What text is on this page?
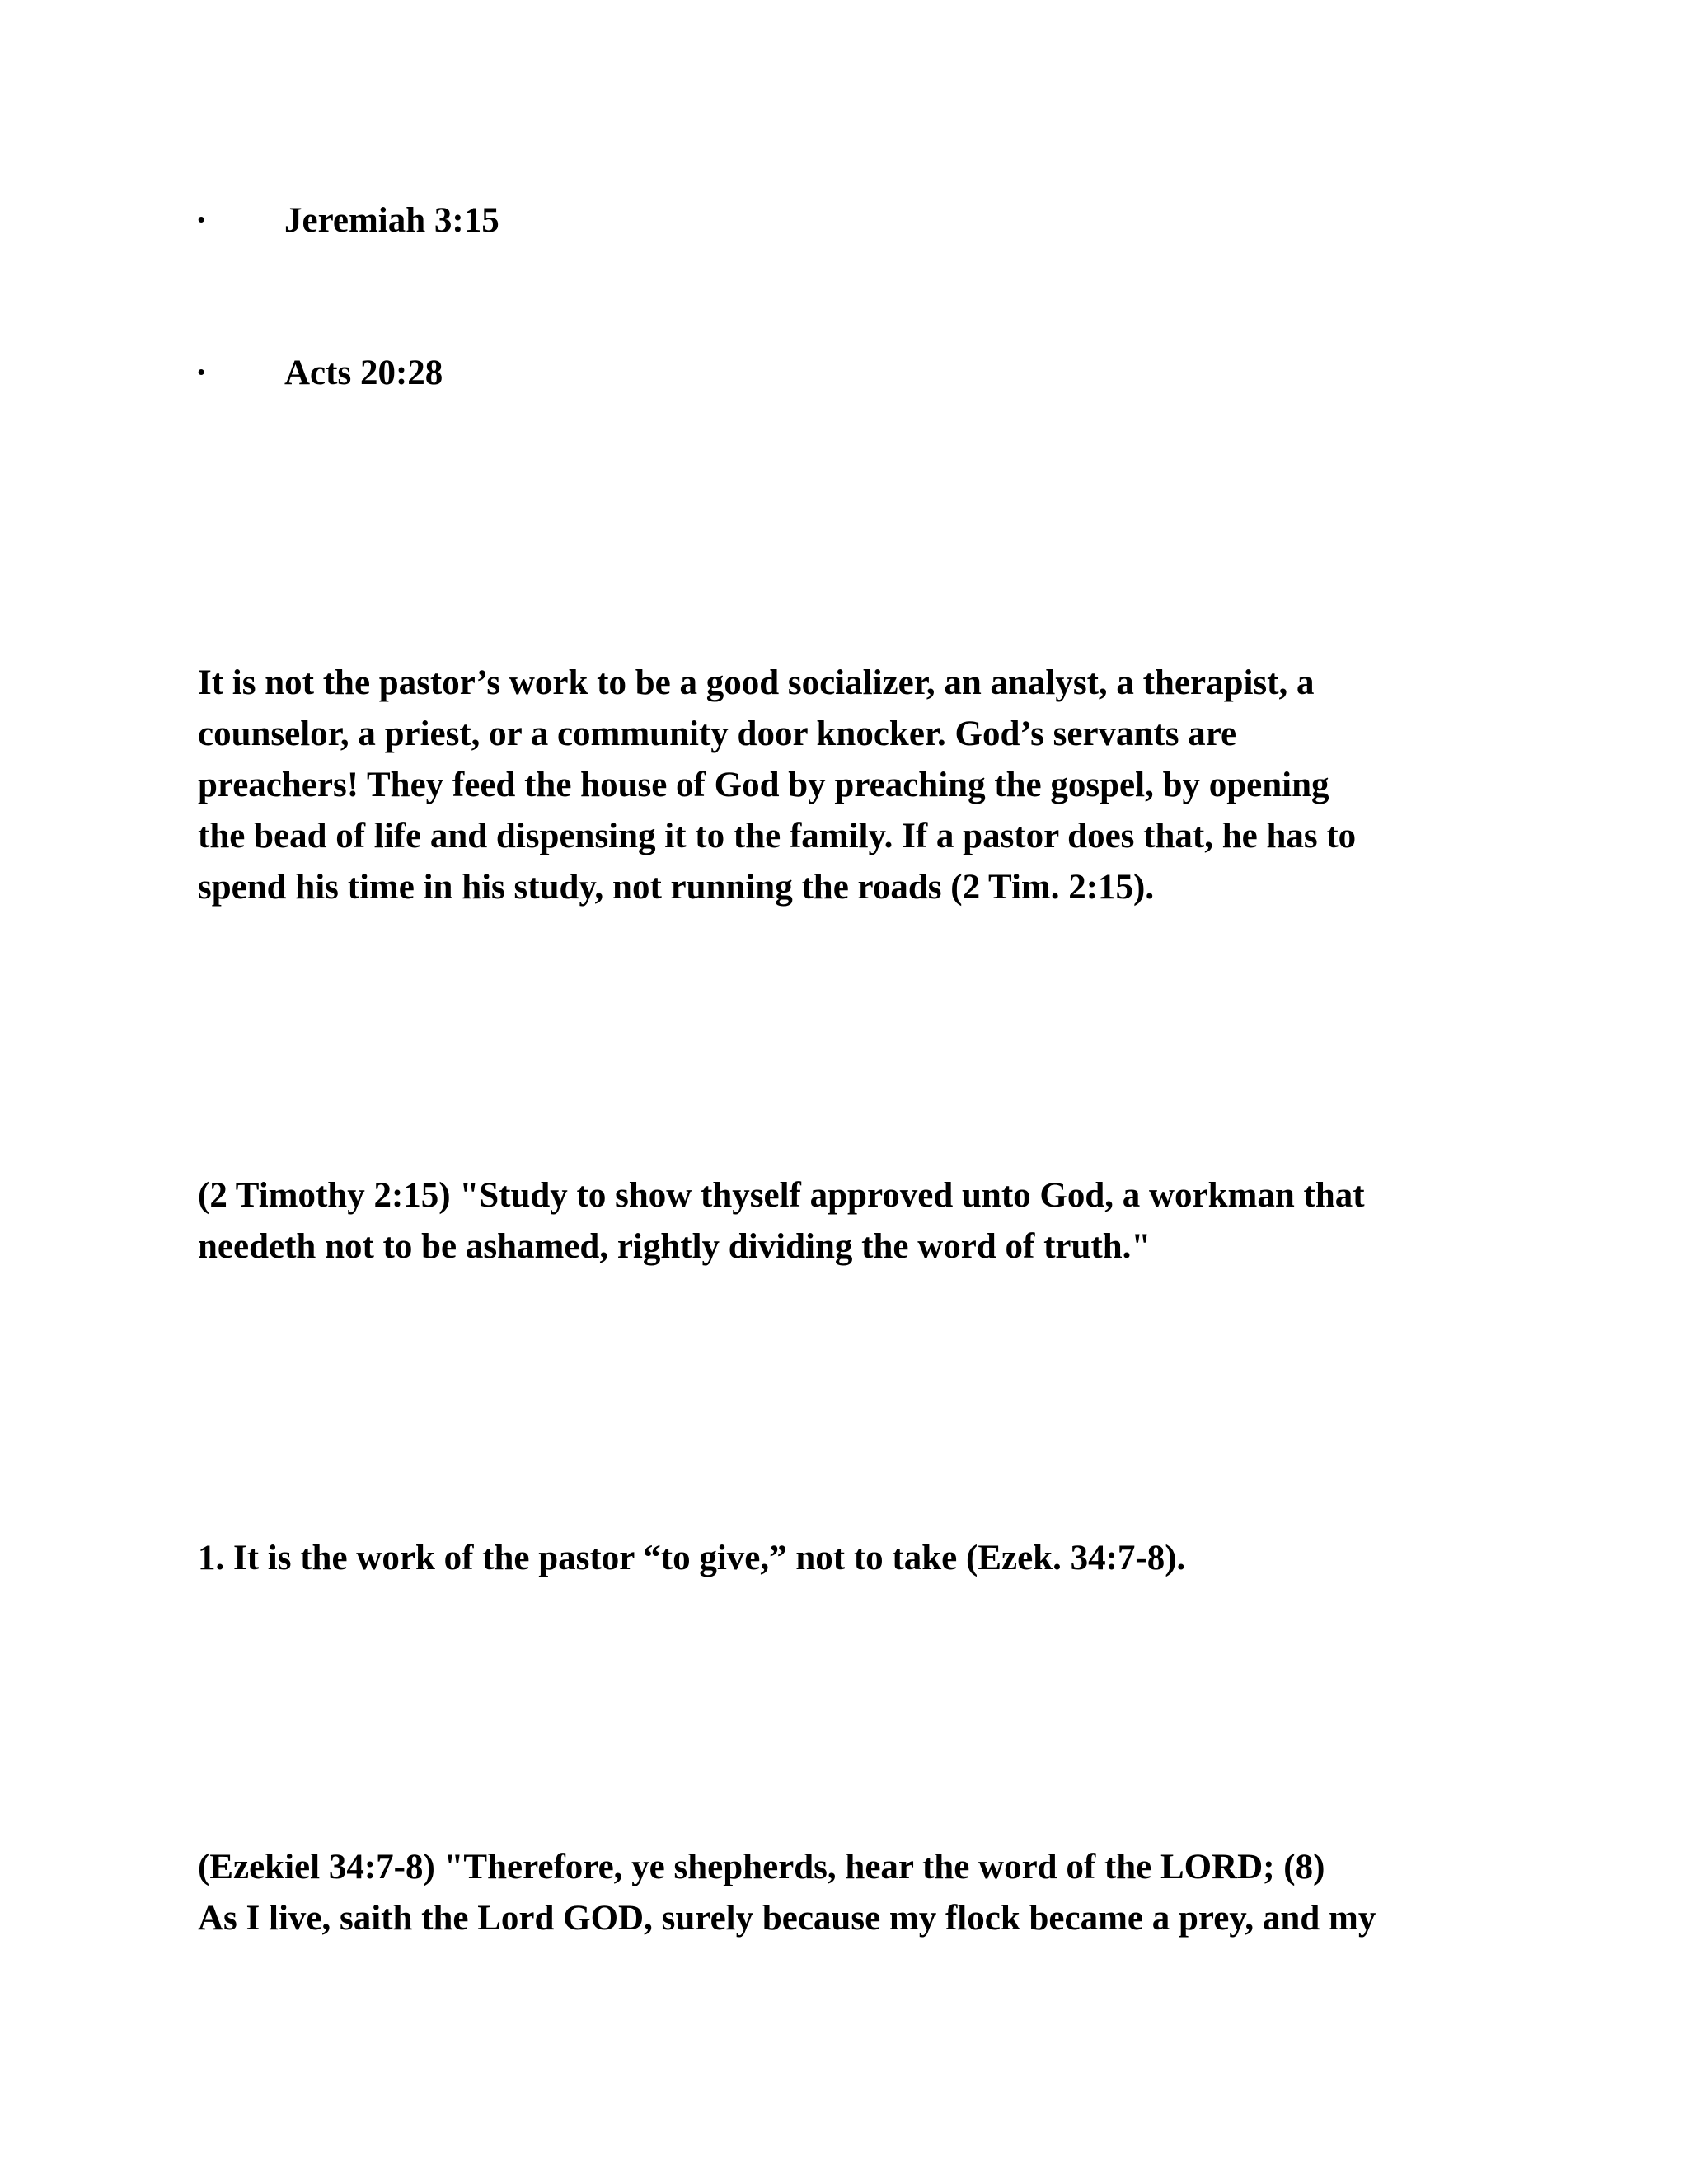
· Jeremiah 3:15
· Acts 20:28
It is not the pastor’s work to be a good socializer, an analyst, a therapist, a
counselor, a priest, or a community door knocker. God’s servants are
preachers! They feed the house of God by preaching the gospel, by opening
the bead of life and dispensing it to the family. If a pastor does that, he has to
spend his time in his study, not running the roads (2 Tim. 2:15).
(2 Timothy 2:15) "Study to show thyself approved unto God, a workman that
needeth not to be ashamed, rightly dividing the word of truth."
1. It is the work of the pastor “to give,” not to take (Ezek. 34:7-8).
(Ezekiel 34:7-8) "Therefore, ye shepherds, hear the word of the LORD; (8)
As I live, saith the Lord GOD, surely because my flock became a prey, and my
